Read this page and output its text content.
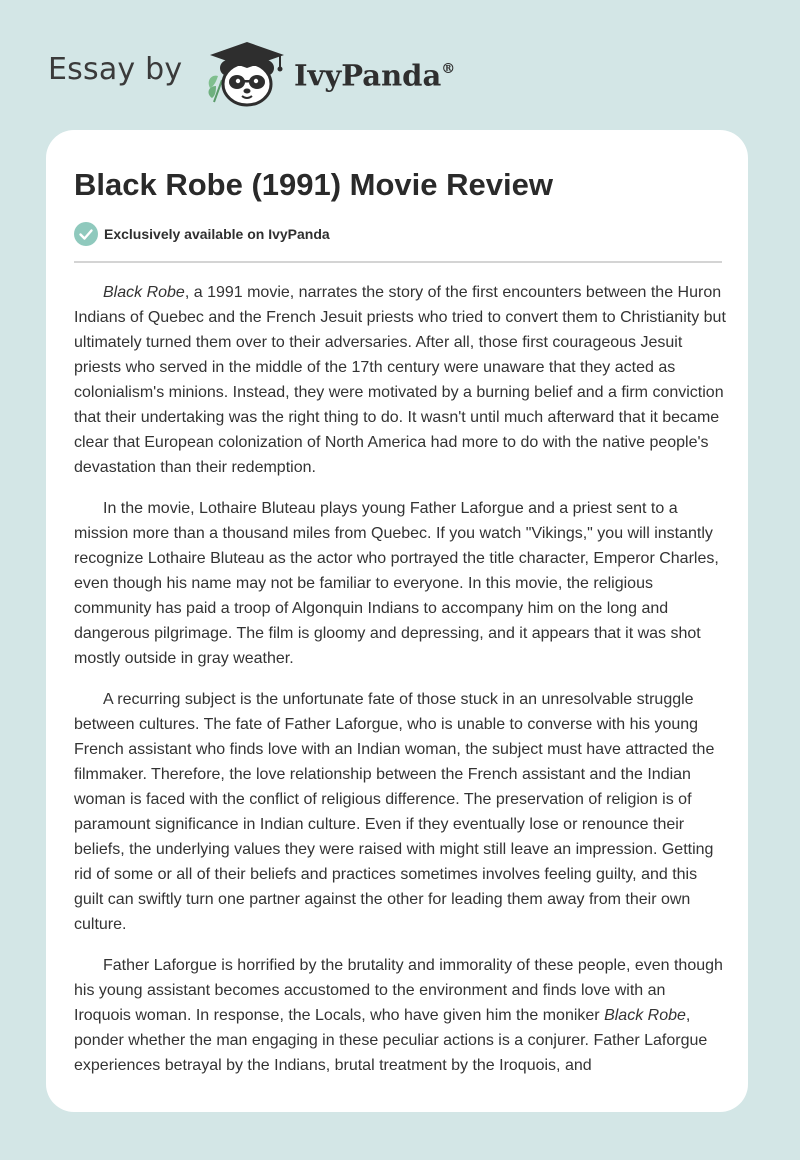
Essay by	IvyPanda®
Black Robe (1991) Movie Review
Exclusively available on IvyPanda

Black Robe, a 1991 movie, narrates the story of the first encounters between the Huron Indians of Quebec and the French Jesuit priests who tried to convert them to Christianity but ultimately turned them over to their adversaries. After all, those first courageous Jesuit priests who served in the middle of the 17th century were unaware that they acted as colonialism's minions. Instead, they were motivated by a burning belief and a firm conviction that their undertaking was the right thing to do. It wasn't until much afterward that it became clear that European colonization of North America had more to do with the native people's devastation than their redemption.

In the movie, Lothaire Bluteau plays young Father Laforgue and a priest sent to a mission more than a thousand miles from Quebec. If you watch "Vikings," you will instantly recognize Lothaire Bluteau as the actor who portrayed the title character, Emperor Charles, even though his name may not be familiar to everyone. In this movie, the religious community has paid a troop of Algonquin Indians to accompany him on the long and dangerous pilgrimage. The film is gloomy and depressing, and it appears that it was shot mostly outside in gray weather.

A recurring subject is the unfortunate fate of those stuck in an unresolvable struggle between cultures. The fate of Father Laforgue, who is unable to converse with his young French assistant who finds love with an Indian woman, the subject must have attracted the filmmaker. Therefore, the love relationship between the French assistant and the Indian woman is faced with the conflict of religious difference. The preservation of religion is of paramount significance in Indian culture. Even if they eventually lose or renounce their beliefs, the underlying values they were raised with might still leave an impression. Getting rid of some or all of their beliefs and practices sometimes involves feeling guilty, and this guilt can swiftly turn one partner against the other for leading them away from their own culture.

Father Laforgue is horrified by the brutality and immorality of these people, even though his young assistant becomes accustomed to the environment and finds love with an Iroquois woman. In response, the Locals, who have given him the moniker Black Robe, ponder whether the man engaging in these peculiar actions is a conjurer. Father Laforgue experiences betrayal by the Indians, brutal treatment by the Iroquois, and
